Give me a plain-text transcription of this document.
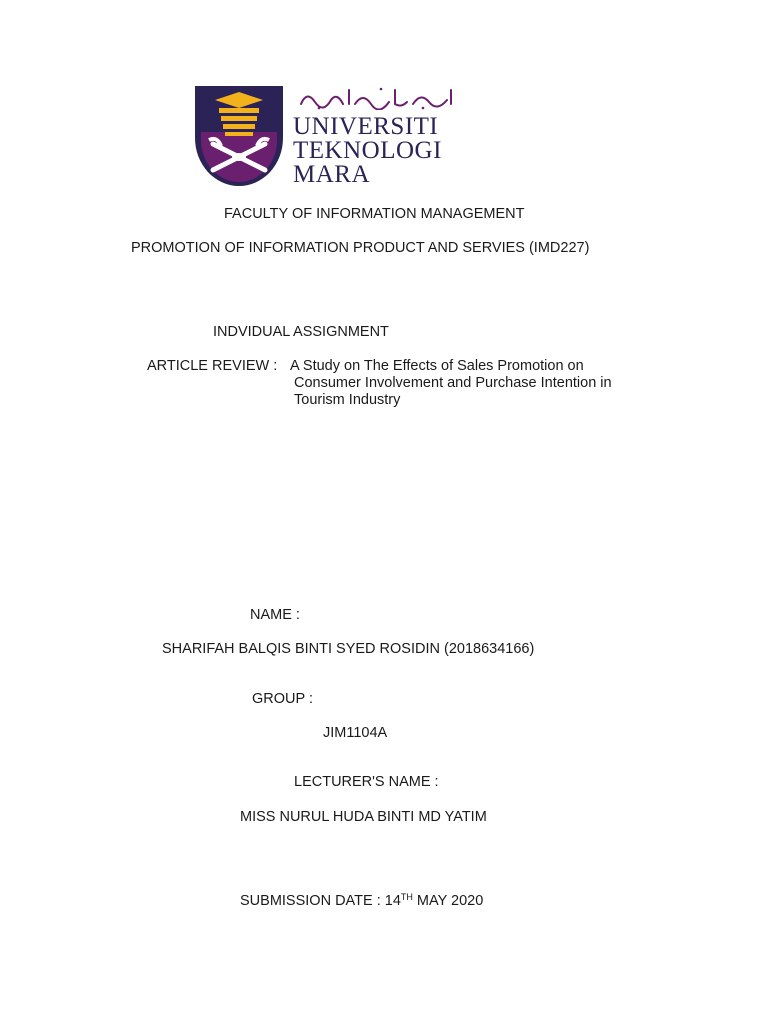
UNIVERSITI
TEKNOLOGI
MARA
FACULTY OF INFORMATION MANAGEMENT
PROMOTION OF INFORMATION PRODUCT AND SERVIES (IMD227)
INDVIDUAL ASSIGNMENT
ARTICLE REVIEW : A Study on The Effects of Sales Promotion on
Consumer Involvement and Purchase Intention in
Tourism Industry
NAME :
SHARIFAH BALQIS BINTI SYED ROSIDIN (2018634166)
GROUP :
JIM1104A
LECTURER'S NAME :
MISS NURUL HUDA BINTI MD YATIM
SUBMISSION DATE : 14TH MAY 2020
